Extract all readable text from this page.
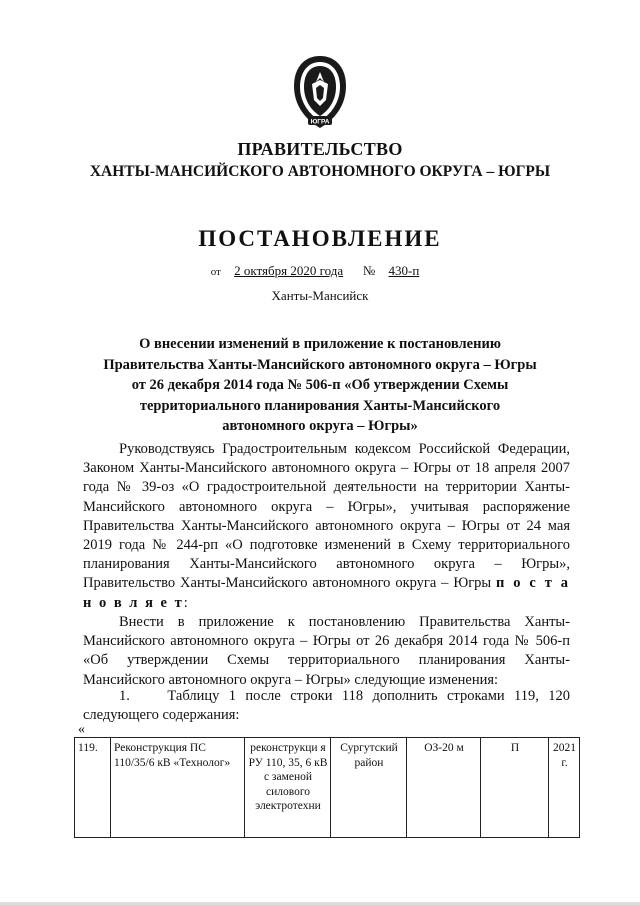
ЮГРА
ПРАВИТЕЛЬСТВО
ХАНТЫ-МАНСИЙСКОГО АВТОНОМНОГО ОКРУГА – ЮГРЫ
ПОСТАНОВЛЕНИЕ
от 2 октября 2020 года № 430-п
Ханты-Мансийск
О внесении изменений в приложение к постановлению Правительства Ханты-Мансийского автономного округа – Югры от 26 декабря 2014 года № 506-п «Об утверждении Схемы территориального планирования Ханты-Мансийского автономного округа – Югры»
Руководствуясь Градостроительным кодексом Российской Федерации, Законом Ханты-Мансийского автономного округа – Югры от 18 апреля 2007 года № 39-оз «О градостроительной деятельности на территории Ханты-Мансийского автономного округа – Югры», учитывая распоряжение Правительства Ханты-Мансийского автономного округа – Югры от 24 мая 2019 года № 244-рп «О подготовке изменений в Схему территориального планирования Ханты-Мансийского автономного округа – Югры», Правительство Ханты-Мансийского автономного округа – Югры п о с т а н о в л я е т:
Внести в приложение к постановлению Правительства Ханты-Мансийского автономного округа – Югры от 26 декабря 2014 года № 506-п «Об утверждении Схемы территориального планирования Ханты-Мансийского автономного округа – Югры» следующие изменения:
1.    Таблицу 1 после строки 118 дополнить строками 119, 120 следующего содержания:
«
119.	Реконструкция ПС 110/35/6 кВ «Технолог»	реконструкци я РУ 110, 35, 6 кВ с заменой силового электротехни	Сургутский район	ОЗ-20 м	П	2021 г.
